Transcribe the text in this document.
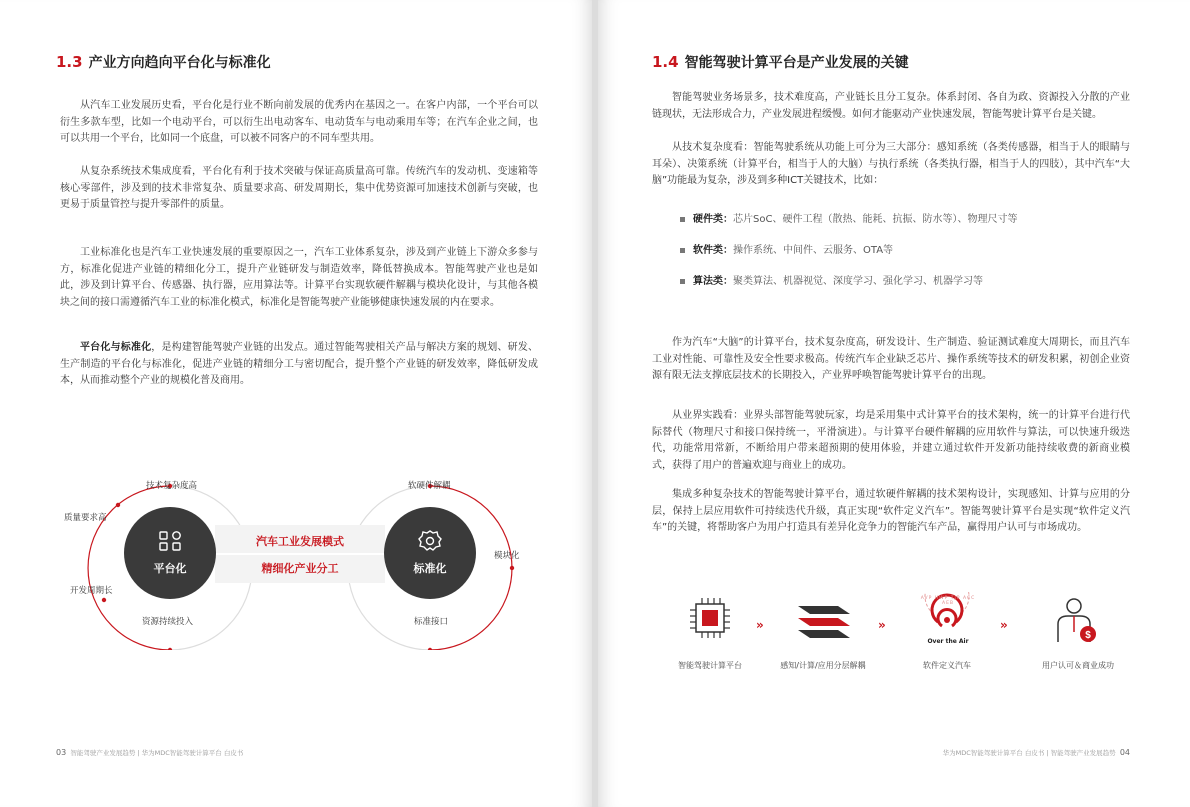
1.3 产业方向趋向平台化与标准化

从汽车工业发展历史看，平台化是行业不断向前发展的优秀内在基因之一。在客户内部，一个平台可以衍生多款车型，比如一个电动平台，可以衍生出电动客车、电动货车与电动乘用车等；在汽车企业之间，也可以共用一个平台，比如同一个底盘，可以被不同客户的不同车型共用。

从复杂系统技术集成度看，平台化有利于技术突破与保证高质量高可靠。传统汽车的发动机、变速箱等核心零部件，涉及到的技术非常复杂、质量要求高、研发周期长，集中优势资源可加速技术创新与突破，也更易于质量管控与提升零部件的质量。

工业标准化也是汽车工业快速发展的重要原因之一，汽车工业体系复杂，涉及到产业链上下游众多参与方，标准化促进产业链的精细化分工，提升产业链研发与制造效率，降低替换成本。智能驾驶产业也是如此，涉及到计算平台、传感器、执行器，应用算法等。计算平台实现软硬件解耦与模块化设计，与其他各模块之间的接口需遵循汽车工业的标准化模式，标准化是智能驾驶产业能够健康快速发展的内在要求。

平台化与标准化，是构建智能驾驶产业链的出发点。通过智能驾驶相关产品与解决方案的规划、研发、生产制造的平台化与标准化，促进产业链的精细分工与密切配合，提升整个产业链的研发效率，降低研发成本，从而推动整个产业的规模化普及商用。

平台化	标准化
汽车工业发展模式
精细化产业分工
技术复杂度高
质量要求高
开发周期长
资源持续投入
软硬件解耦
模块化
标准接口
03 智能驾驶产业发展趋势 | 华为MDC智能驾驶计算平台 白皮书
1.4 智能驾驶计算平台是产业发展的关键

智能驾驶业务场景多，技术难度高，产业链长且分工复杂。体系封闭、各自为政、资源投入分散的产业链现状，无法形成合力，产业发展进程缓慢。如何才能驱动产业快速发展，智能驾驶计算平台是关键。

从技术复杂度看：智能驾驶系统从功能上可分为三大部分：感知系统（各类传感器，相当于人的眼睛与耳朵）、决策系统（计算平台，相当于人的大脑）与执行系统（各类执行器，相当于人的四肢），其中汽车“大脑”功能最为复杂，涉及到多种ICT关键技术，比如：

硬件类：芯片SoC、硬件工程（散热、能耗、抗振、防水等）、物理尺寸等
软件类：操作系统、中间件、云服务、OTA等
算法类：聚类算法、机器视觉、深度学习、强化学习、机器学习等

作为汽车“大脑”的计算平台，技术复杂度高，研发设计、生产制造、验证测试难度大周期长，而且汽车工业对性能、可靠性及安全性要求极高。传统汽车企业缺乏芯片、操作系统等技术的研发积累，初创企业资源有限无法支撑底层技术的长期投入，产业界呼唤智能驾驶计算平台的出现。

从业界实践看：业界头部智能驾驶玩家，均是采用集中式计算平台的技术架构，统一的计算平台进行代际替代（物理尺寸和接口保持统一，平滑演进）。与计算平台硬件解耦的应用软件与算法，可以快速升级迭代，功能常用常新，不断给用户带来超预期的使用体验，并建立通过软件开发新功能持续收费的新商业模式，获得了用户的普遍欢迎与商业上的成功。

集成多种复杂技术的智能驾驶计算平台，通过软硬件解耦的技术架构设计，实现感知、计算与应用的分层，保持上层应用软件可持续迭代升级，真正实现“软件定义汽车”。智能驾驶计算平台是实现“软件定义汽车”的关键，将帮助客户为用户打造具有差异化竞争力的智能汽车产品，赢得用户认可与市场成功。

$
Over the Air
AVP HWP TJP ACC AEB
»	»	»
智能驾驶计算平台	感知/计算/应用分层解耦	软件定义汽车	用户认可＆商业成功
华为MDC智能驾驶计算平台 白皮书 | 智能驾驶产业发展趋势 04
